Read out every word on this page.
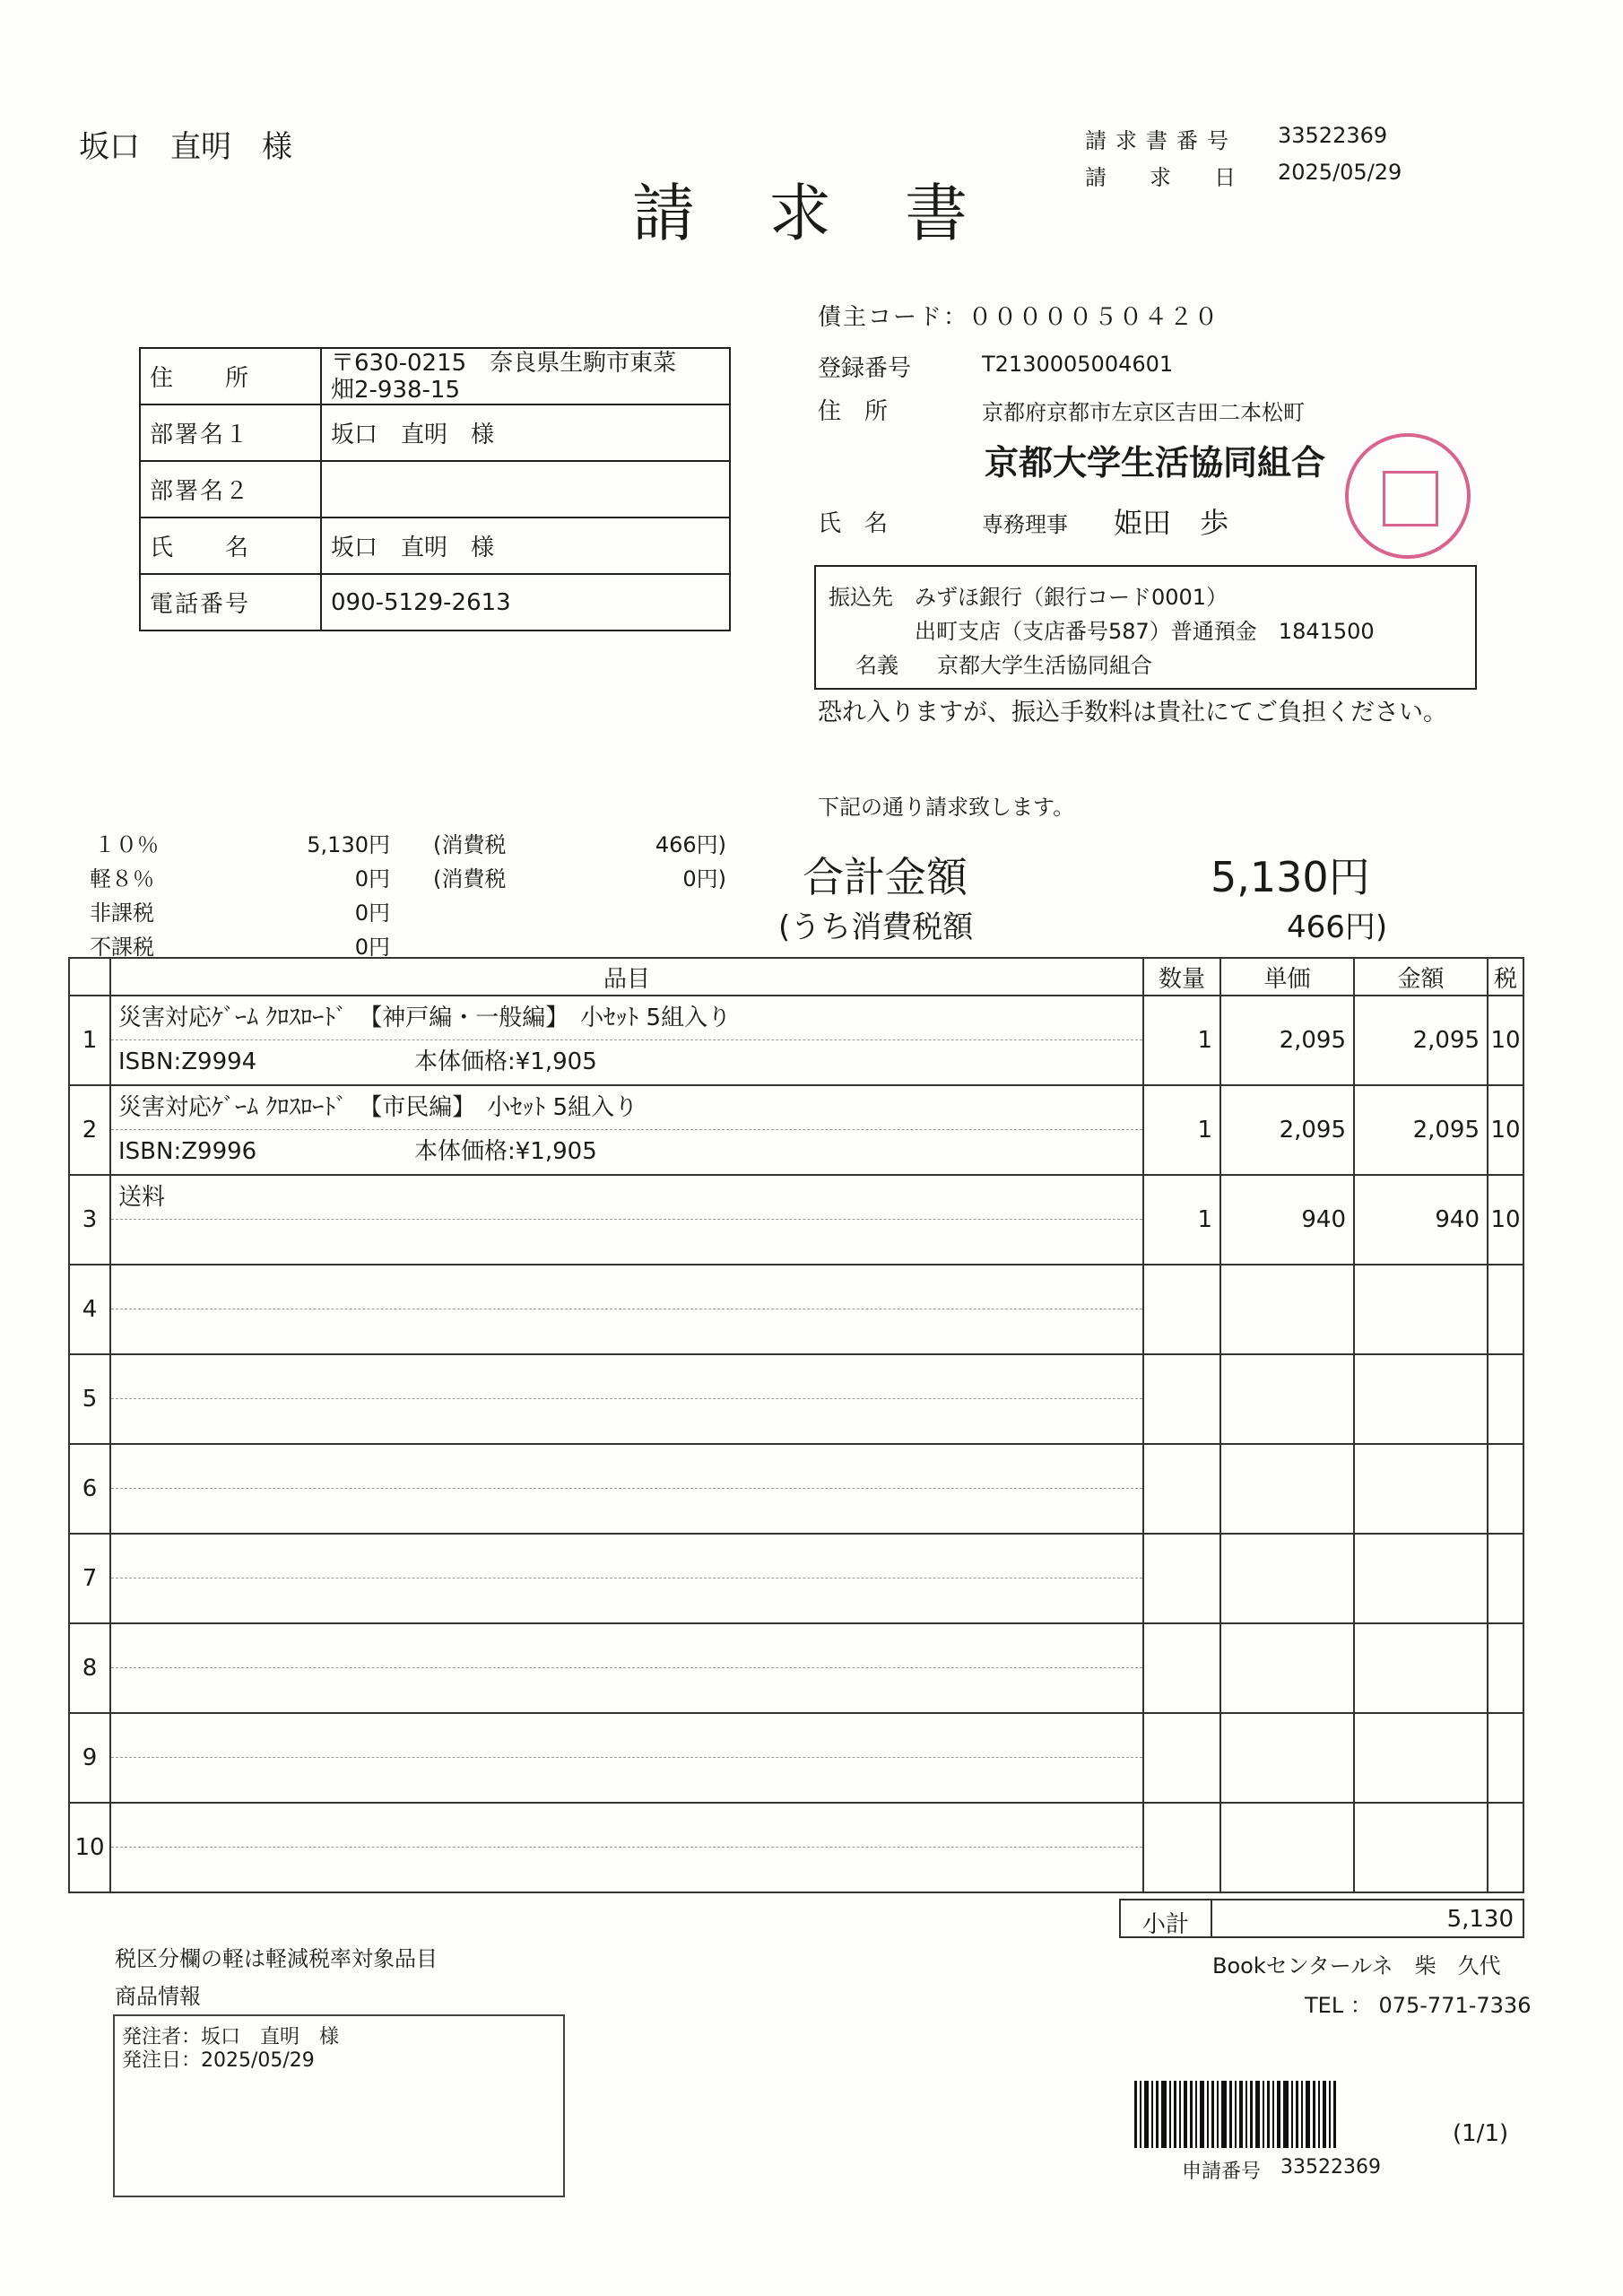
坂口　直明　様
請　求　書
請求書番号 33522369
請　　求　　日 2025/05/29
住　　所	〒630-0215　奈良県生駒市東菜
畑2-938-15

部署名１	坂口　直明　様
部署名２	
氏　　名	坂口　直明　様
電話番号	090-5129-2613
債主コード：０００００５０４２０
登録番号	T2130005004601
住　所	京都府京都市左京区吉田二本松町
京都大学生活協同組合
氏　名	専務理事 姫田　歩
振込先 みずほ銀行（銀行コード0001）
出町支店（支店番号587）普通預金　1841500
名義 京都大学生活協同組合
恐れ入りますが、振込手数料は貴社にてご負担ください。
下記の通り請求致します。
１０％	5,130円 (消費税	466円)
軽８％	0円 (消費税	0円)
非課税	0円
不課税	0円
合計金額	5,130円
(うち消費税額	466円)
	品目	数量	単価	金額	税
1	災害対応ｹﾞｰﾑ ｸﾛｽﾛｰﾄﾞ　【神戸編・一般編】　小ｾｯﾄ 5組入り
ISBN:Z9994 本体価格:¥1,905	1	2,095	2,095	10
2	災害対応ｹﾞｰﾑ ｸﾛｽﾛｰﾄﾞ　【市民編】　小ｾｯﾄ 5組入り
ISBN:Z9996 本体価格:¥1,905	1	2,095	2,095	10
3	送料	1	940	940	10
4	

5	

6	

7	

8	

9	

10	

小計	5,130
税区分欄の軽は軽減税率対象品目
商品情報
発注者：坂口　直明　様
発注日：2025/05/29
Bookセンタールネ　柴　久代
TEL ： 075-771-7336
申請番号 33522369
(1/1)
